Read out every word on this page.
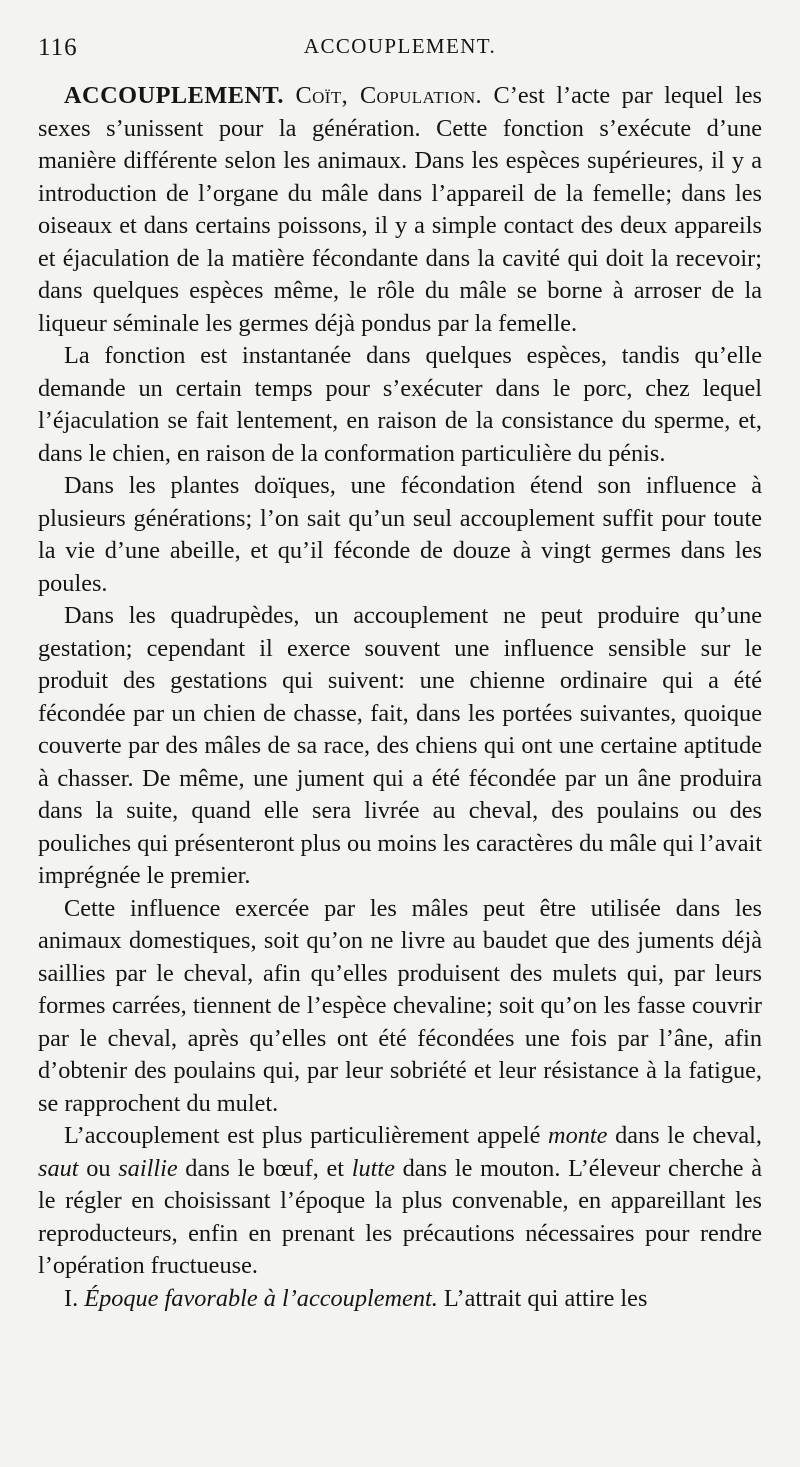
116	ACCOUPLEMENT.

ACCOUPLEMENT. Coït, Copulation. C’est l’acte par lequel les sexes s’unissent pour la génération. Cette fonction s’exécute d’une manière différente selon les animaux. Dans les espèces supérieures, il y a introduction de l’organe du mâle dans l’appareil de la femelle; dans les oiseaux et dans certains poissons, il y a simple contact des deux appareils et éjaculation de la matière fécondante dans la cavité qui doit la recevoir; dans quelques espèces même, le rôle du mâle se borne à arroser de la liqueur séminale les germes déjà pondus par la femelle.

La fonction est instantanée dans quelques espèces, tandis qu’elle demande un certain temps pour s’exécuter dans le porc, chez lequel l’éjaculation se fait lentement, en raison de la consistance du sperme, et, dans le chien, en raison de la conformation particulière du pénis.

Dans les plantes doïques, une fécondation étend son influence à plusieurs générations; l’on sait qu’un seul accouplement suffit pour toute la vie d’une abeille, et qu’il féconde de douze à vingt germes dans les poules.

Dans les quadrupèdes, un accouplement ne peut produire qu’une gestation; cependant il exerce souvent une influence sensible sur le produit des gestations qui suivent: une chienne ordinaire qui a été fécondée par un chien de chasse, fait, dans les portées suivantes, quoique couverte par des mâles de sa race, des chiens qui ont une certaine aptitude à chasser. De même, une jument qui a été fécondée par un âne produira dans la suite, quand elle sera livrée au cheval, des poulains ou des pouliches qui présenteront plus ou moins les caractères du mâle qui l’avait imprégnée le premier.

Cette influence exercée par les mâles peut être utilisée dans les animaux domestiques, soit qu’on ne livre au baudet que des juments déjà saillies par le cheval, afin qu’elles produisent des mulets qui, par leurs formes carrées, tiennent de l’espèce chevaline; soit qu’on les fasse couvrir par le cheval, après qu’elles ont été fécondées une fois par l’âne, afin d’obtenir des poulains qui, par leur sobriété et leur résistance à la fatigue, se rapprochent du mulet.

L’accouplement est plus particulièrement appelé monte dans le cheval, saut ou saillie dans le bœuf, et lutte dans le mouton. L’éleveur cherche à le régler en choisissant l’époque la plus convenable, en appareillant les reproducteurs, enfin en prenant les précautions nécessaires pour rendre l’opération fructueuse.

I. Époque favorable à l’accouplement. L’attrait qui attire les
